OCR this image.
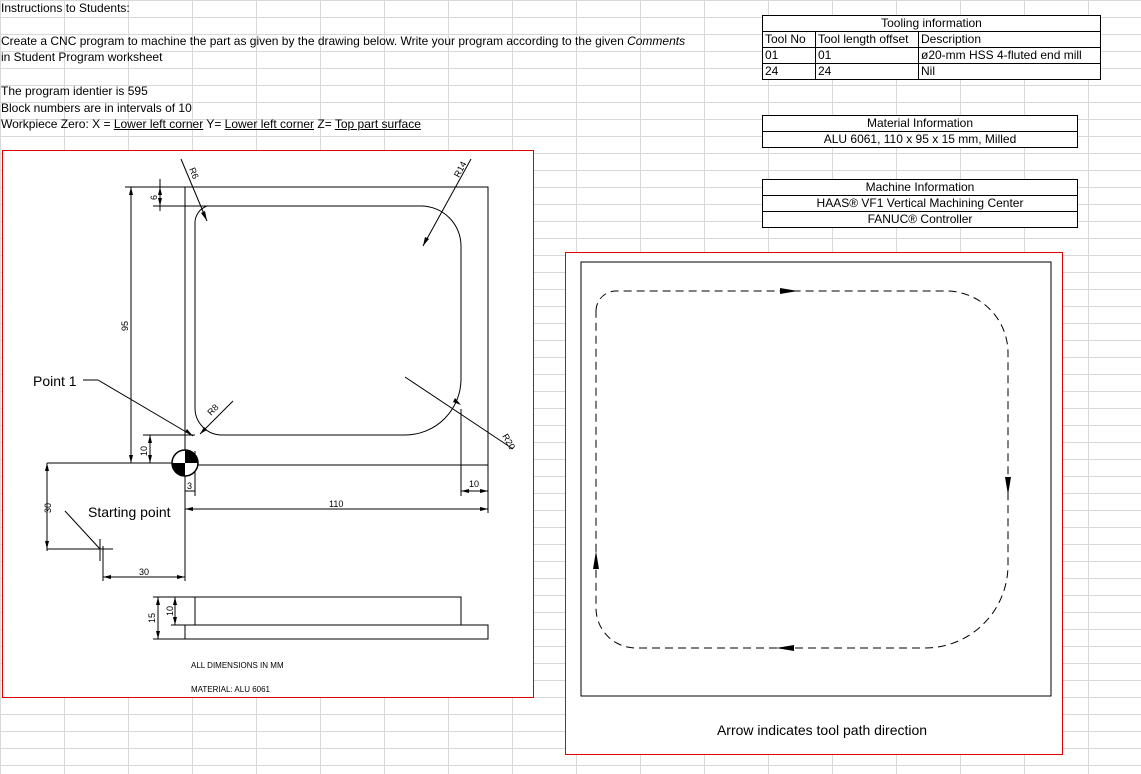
Instructions to Students:
Create a CNC program to machine the part as given by the drawing below. Write your program according to the given Comments
in Student Program worksheet
The program identier is 595
Block numbers are in intervals of 10
Workpiece Zero: X = Lower left corner Y= Lower left corner Z= Top part surface
Tooling information		
Tool No	Tool length offset	Description
01	01	ø20-mm HSS 4-fluted end mill
24	24	Nil
Material Information
ALU 6061, 110 x 95 x 15 mm, Milled
Machine Information
HAAS® VF1 Vertical Machining Center
FANUC® Controller
R6	R14
R8
R20
6
95
10
3
110
10
30
30
15
10
Point 1
Starting point
ALL DIMENSIONS IN MM
MATERIAL: ALU 6061
Arrow indicates tool path direction
